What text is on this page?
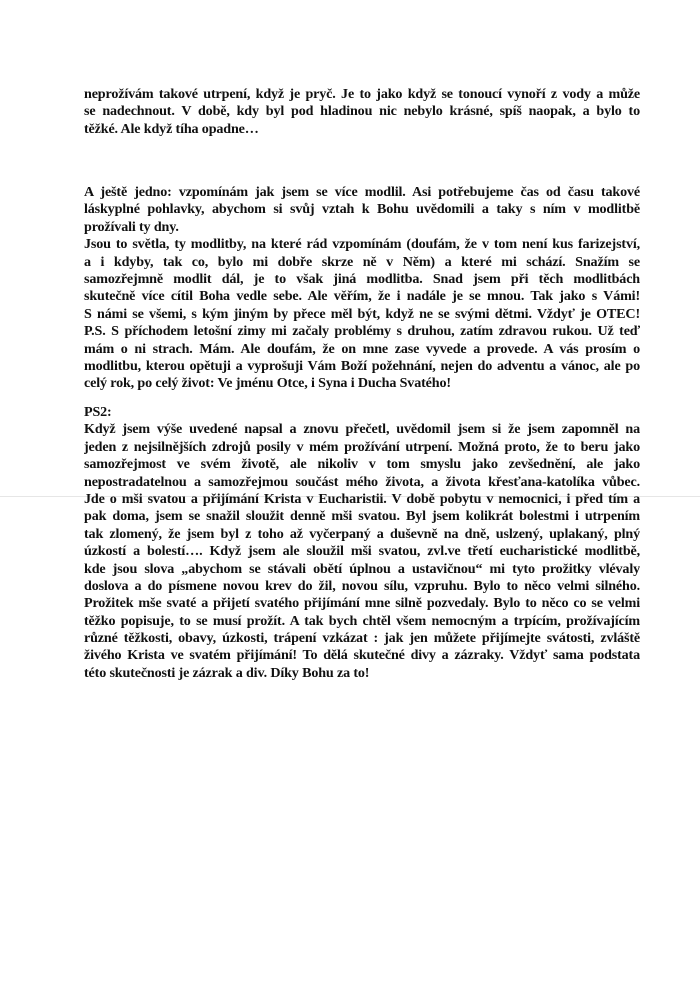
neprožívám takové utrpení, když je pryč. Je to jako když se tonoucí vynoří z vody a může
se nadechnout. V době, kdy byl pod hladinou nic nebylo krásné, spíš naopak, a bylo to
těžké. Ale když tíha opadne…
A ještě jedno: vzpomínám jak jsem se více modlil. Asi potřebujeme čas od času takové
láskyplné pohlavky, abychom si svůj vztah k Bohu uvědomili a taky s ním v modlitbě
prožívali ty dny.
Jsou to světla, ty modlitby, na které rád vzpomínám (doufám, že v tom není kus farizejství,
a i kdyby, tak co, bylo mi dobře skrze ně v Něm) a které mi schází. Snažím se
samozřejmně modlit dál, je to však jiná modlitba. Snad jsem při těch modlitbách
skutečně více cítil Boha vedle sebe. Ale věřím, že i nadále je se mnou. Tak jako s Vámi!
S námi se všemi, s kým jiným by přece měl být, když ne se svými dětmi. Vždyť je OTEC!
P.S. S příchodem letošní zimy mi začaly problémy s druhou, zatím zdravou rukou. Už teď
mám o ni strach. Mám. Ale doufám, že on mne zase vyvede a provede. A vás prosím o
modlitbu, kterou opětuji a vyprošuji Vám Boží požehnání, nejen do adventu a vánoc, ale po
celý rok, po celý život: Ve jménu Otce, i Syna i Ducha Svatého!
PS2:
Když jsem výše uvedené napsal a znovu přečetl, uvědomil jsem si že jsem zapomněl na
jeden z nejsilnějších zdrojů posily v mém prožívání utrpení. Možná proto, že to beru jako
samozřejmost ve svém životě, ale nikoliv v tom smyslu jako zevšednění, ale jako
nepostradatelnou a samozřejmou součást mého života, a života křesťana-katolíka vůbec.
Jde o mši svatou a přijímání Krista v Eucharistii. V době pobytu v nemocnici, i před tím a
pak doma, jsem se snažil sloužit denně mši svatou. Byl jsem kolikrát bolestmi i utrpením
tak zlomený, že jsem byl z toho až vyčerpaný a duševně na dně, uslzený, uplakaný, plný
úzkostí a bolestí…. Když jsem ale sloužil mši svatou, zvl.ve třetí eucharistické modlitbě,
kde jsou slova „abychom se stávali obětí úplnou a ustavičnou“ mi tyto prožitky vlévaly
doslova a do písmene novou krev do žil, novou sílu, vzpruhu. Bylo to něco velmi silného.
Prožitek mše svaté a přijetí svatého přijímání mne silně pozvedaly. Bylo to něco co se velmi
těžko popisuje, to se musí prožít. A tak bych chtěl všem nemocným a trpícím, prožívajícím
různé těžkosti, obavy, úzkosti, trápení vzkázat : jak jen můžete přijímejte svátosti, zvláště
živého Krista ve svatém přijímání! To dělá skutečné divy a zázraky. Vždyť sama podstata
této skutečnosti je zázrak a div. Díky Bohu za to!
